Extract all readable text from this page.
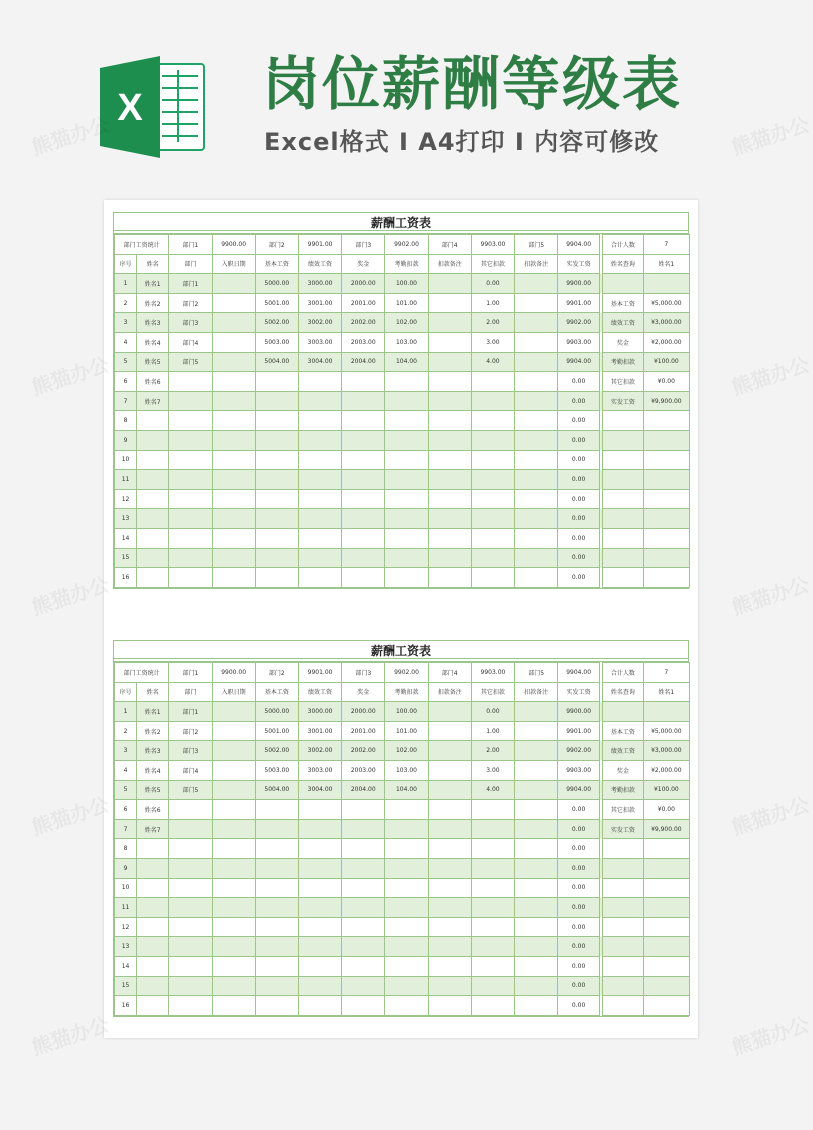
X 岗位薪酬等级表
Excel格式 I A4打印 I 内容可修改
薪酬工资表
部门工资统计		部门1	9900.00	部门2	9901.00	部门3	9902.00	部门4	9903.00	部门5	9904.00	合计人数	7
序号	姓名	部门	入职日期	基本工资	绩效工资	奖金	考勤扣款	扣款备注	其它扣款	扣款备注	实发工资	姓名查询	姓名1
1	姓名1	部门1		5000.00	3000.00	2000.00	100.00		0.00		9900.00		
2	姓名2	部门2		5001.00	3001.00	2001.00	101.00		1.00		9901.00	基本工资	¥5,000.00
3	姓名3	部门3		5002.00	3002.00	2002.00	102.00		2.00		9902.00	绩效工资	¥3,000.00
4	姓名4	部门4		5003.00	3003.00	2003.00	103.00		3.00		9903.00	奖金	¥2,000.00
5	姓名5	部门5		5004.00	3004.00	2004.00	104.00		4.00		9904.00	考勤扣款	¥100.00
6	姓名6										0.00	其它扣款	¥0.00
7	姓名7										0.00	实发工资	¥9,900.00
8											0.00		
9											0.00		
10											0.00		
11											0.00		
12											0.00		
13											0.00		
14											0.00		
15											0.00		
16											0.00		
薪酬工资表
部门工资统计		部门1	9900.00	部门2	9901.00	部门3	9902.00	部门4	9903.00	部门5	9904.00	合计人数	7
序号	姓名	部门	入职日期	基本工资	绩效工资	奖金	考勤扣款	扣款备注	其它扣款	扣款备注	实发工资	姓名查询	姓名1
1	姓名1	部门1		5000.00	3000.00	2000.00	100.00		0.00		9900.00		
2	姓名2	部门2		5001.00	3001.00	2001.00	101.00		1.00		9901.00	基本工资	¥5,000.00
3	姓名3	部门3		5002.00	3002.00	2002.00	102.00		2.00		9902.00	绩效工资	¥3,000.00
4	姓名4	部门4		5003.00	3003.00	2003.00	103.00		3.00		9903.00	奖金	¥2,000.00
5	姓名5	部门5		5004.00	3004.00	2004.00	104.00		4.00		9904.00	考勤扣款	¥100.00
6	姓名6										0.00	其它扣款	¥0.00
7	姓名7										0.00	实发工资	¥9,900.00
8											0.00		
9											0.00		
10											0.00		
11											0.00		
12											0.00		
13											0.00		
14											0.00		
15											0.00		
16											0.00		
熊猫办公	熊猫办公
熊猫办公	熊猫办公
熊猫办公	熊猫办公
熊猫办公	熊猫办公
熊猫办公	熊猫办公
